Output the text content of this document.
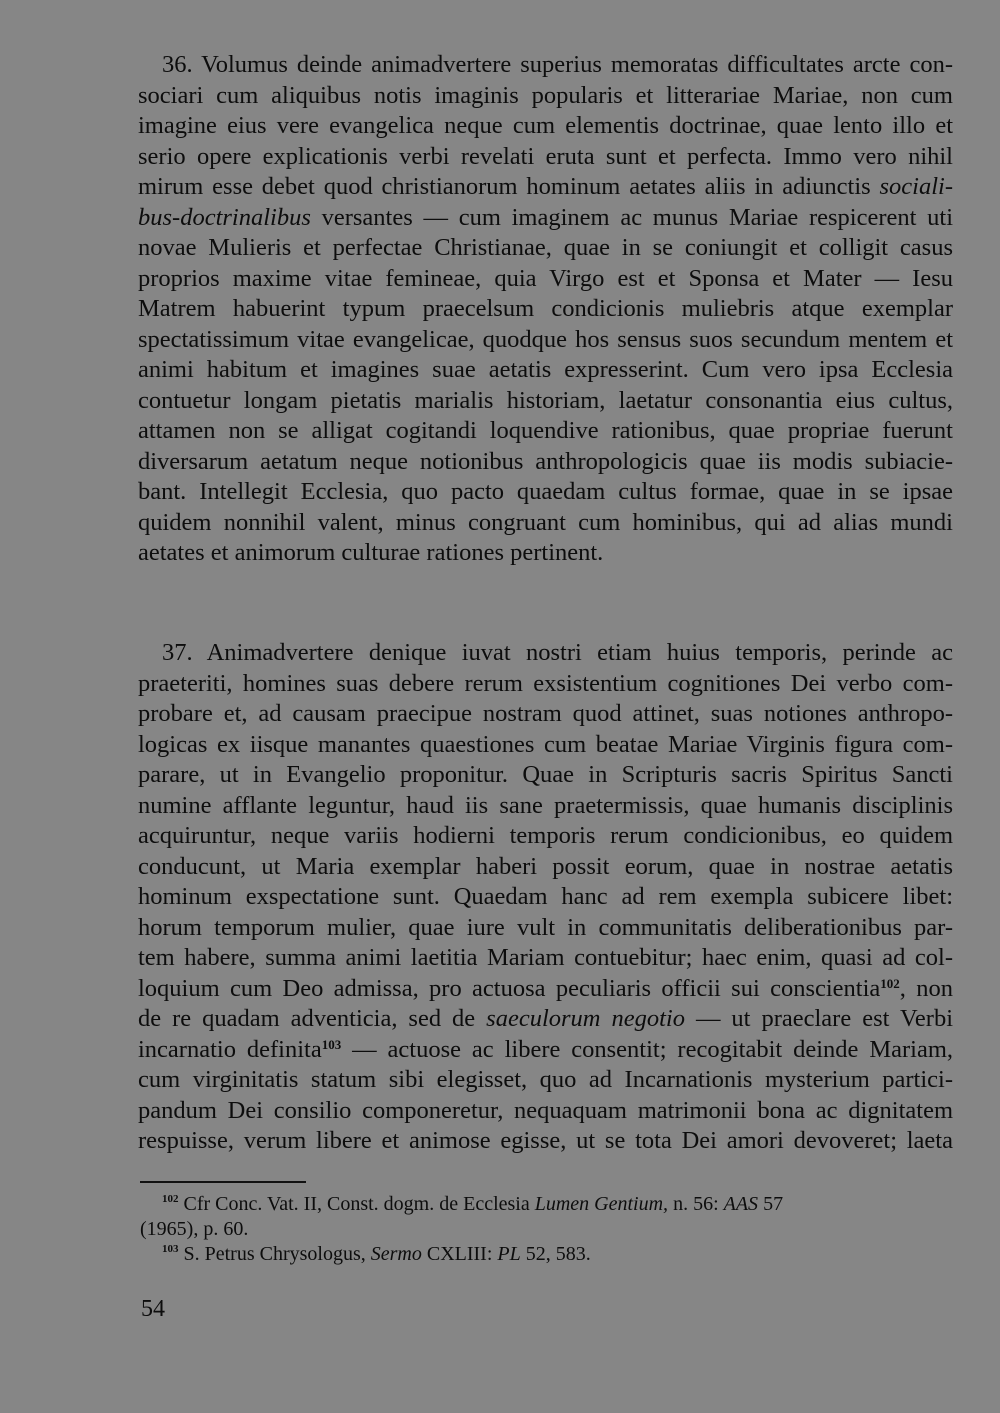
36. Volumus deinde animadvertere superius memoratas difficultates arcte con-
sociari cum aliquibus notis imaginis popularis et litterariae Mariae, non cum
imagine eius vere evangelica neque cum elementis doctrinae, quae lento illo et
serio opere explicationis verbi revelati eruta sunt et perfecta. Immo vero nihil
mirum esse debet quod christianorum hominum aetates aliis in adiunctis sociali-
bus-doctrinalibus versantes — cum imaginem ac munus Mariae respicerent uti
novae Mulieris et perfectae Christianae, quae in se coniungit et colligit casus
proprios maxime vitae femineae, quia Virgo est et Sponsa et Mater — Iesu
Matrem habuerint typum praecelsum condicionis muliebris atque exemplar
spectatissimum vitae evangelicae, quodque hos sensus suos secundum mentem et
animi habitum et imagines suae aetatis expresserint. Cum vero ipsa Ecclesia
contuetur longam pietatis marialis historiam, laetatur consonantia eius cultus,
attamen non se alligat cogitandi loquendive rationibus, quae propriae fuerunt
diversarum aetatum neque notionibus anthropologicis quae iis modis subiacie-
bant. Intellegit Ecclesia, quo pacto quaedam cultus formae, quae in se ipsae
quidem nonnihil valent, minus congruant cum hominibus, qui ad alias mundi
aetates et animorum culturae rationes pertinent.
37. Animadvertere denique iuvat nostri etiam huius temporis, perinde ac
praeteriti, homines suas debere rerum exsistentium cognitiones Dei verbo com-
probare et, ad causam praecipue nostram quod attinet, suas notiones anthropo-
logicas ex iisque manantes quaestiones cum beatae Mariae Virginis figura com-
parare, ut in Evangelio proponitur. Quae in Scripturis sacris Spiritus Sancti
numine afflante leguntur, haud iis sane praetermissis, quae humanis disciplinis
acquiruntur, neque variis hodierni temporis rerum condicionibus, eo quidem
conducunt, ut Maria exemplar haberi possit eorum, quae in nostrae aetatis
hominum exspectatione sunt. Quaedam hanc ad rem exempla subicere libet:
horum temporum mulier, quae iure vult in communitatis deliberationibus par-
tem habere, summa animi laetitia Mariam contuebitur; haec enim, quasi ad col-
loquium cum Deo admissa, pro actuosa peculiaris officii sui conscientia$^{102}$, non
de re quadam adventicia, sed de saeculorum negotio — ut praeclare est Verbi
incarnatio definita$^{103}$ — actuose ac libere consentit; recogitabit deinde Mariam,
cum virginitatis statum sibi elegisset, quo ad Incarnationis mysterium partici-
pandum Dei consilio componeretur, nequaquam matrimonii bona ac dignitatem
respuisse, verum libere et animose egisse, ut se tota Dei amori devoveret; laeta
$^{102}$ Cfr Conc. Vat. II, Const. dogm. de Ecclesia Lumen Gentium, n. 56: AAS 57
(1965), p. 60.
$^{103}$ S. Petrus Chrysologus, Sermo CXLIII: PL 52, 583.
54
